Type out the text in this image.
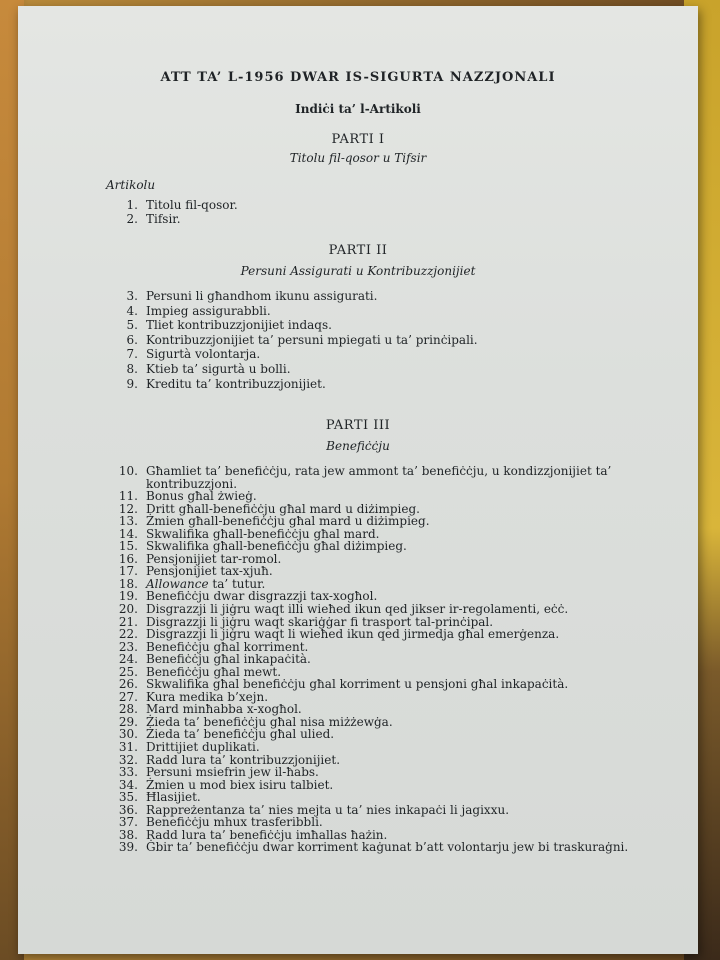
ATT TA’ L-1956 DWAR IS-SIGURTA NAZZJONALI
Indiċi ta’ l-Artikoli
PARTI I
Titolu fil-qosor u Tifsir
Artikolu
1. Titolu fil-qosor.
2. Tifsir.
PARTI II
Persuni Assigurati u Kontribuzzjonijiet
3. Persuni li għandhom ikunu assigurati.
4. Impieg assigurabbli.
5. Tliet kontribuzzjonijiet indaqs.
6. Kontribuzzjonijiet ta’ persuni mpiegati u ta’ prinċipali.
7. Sigurtà volontarja.
8. Ktieb ta’ sigurtà u bolli.
9. Kreditu ta’ kontribuzzjonijiet.
PARTI III
Benefiċċju
10. Għamliet ta’ benefiċċju, rata jew ammont ta’ benefiċċju, u kondizzjonijiet ta’
kontribuzzjoni.
11. Bonus għal żwieġ.
12. Dritt għall-benefiċċju għal mard u diżimpieg.
13. Żmien għall-benefiċċju għal mard u diżimpieg.
14. Skwalifika għall-benefiċċju għal mard.
15. Skwalifika għall-benefiċċju għal diżimpieg.
16. Pensjonijiet tar-romol.
17. Pensjonijiet tax-xjuħ.
18. Allowance ta’ tutur.
19. Benefiċċju dwar disgrazzji tax-xogħol.
20. Disgrazzji li jiġru waqt illi wieħed ikun qed jikser ir-regolamenti, eċċ.
21. Disgrazzji li jiġru waqt skariġġar fi trasport tal-prinċipal.
22. Disgrazzji li jiġru waqt li wieħed ikun qed jirmedja għal emerġenza.
23. Benefiċċju għal korriment.
24. Benefiċċju għal inkapaċità.
25. Benefiċċju għal mewt.
26. Skwalifika għal benefiċċju għal korriment u pensjoni għal inkapaċità.
27. Kura medika b’xejn.
28. Mard minħabba x-xogħol.
29. Żieda ta’ benefiċċju għal nisa miżżewġa.
30. Żieda ta’ benefiċċju għal ulied.
31. Drittijiet duplikati.
32. Radd lura ta’ kontribuzzjonijiet.
33. Persuni msiefrin jew il-ħabs.
34. Żmien u mod biex isiru talbiet.
35. Ħlasijiet.
36. Rappreżentanza ta’ nies mejta u ta’ nies inkapaċi li jagixxu.
37. Benefiċċju mhux trasferibbli.
38. Radd lura ta’ benefiċċju imħallas ħażin.
39. Ġbir ta’ benefiċċju dwar korriment kaġunat b’att volontarju jew bi traskuraġni.
